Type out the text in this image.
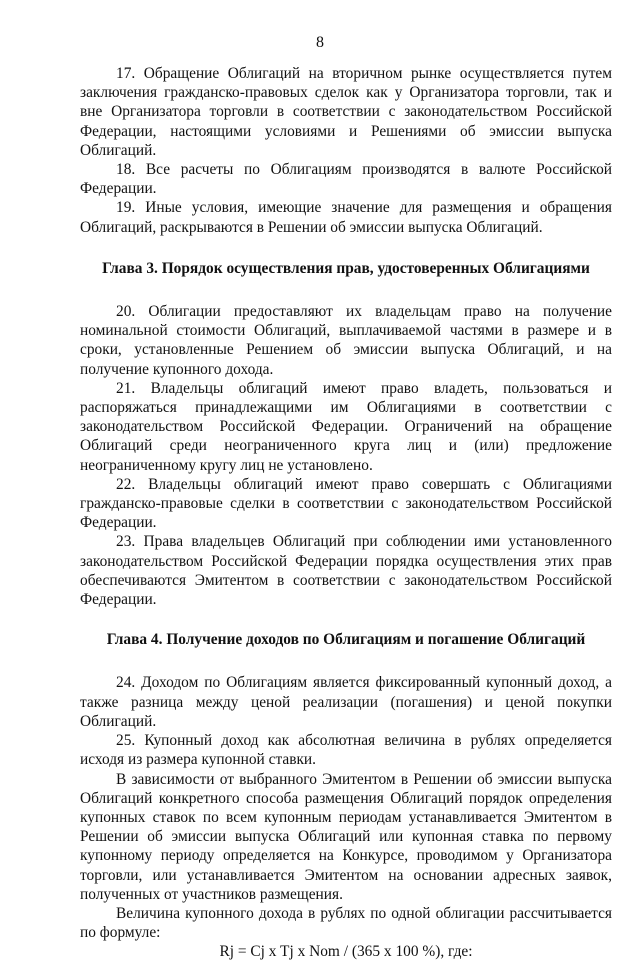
8

17. Обращение Облигаций на вторичном рынке осуществляется путем заключения гражданско-правовых сделок как у Организатора торговли, так и вне Организатора торговли в соответствии с законодательством Российской Федерации, настоящими условиями и Решениями об эмиссии выпуска Облигаций.

18. Все расчеты по Облигациям производятся в валюте Российской Федерации.

19. Иные условия, имеющие значение для размещения и обращения Облигаций, раскрываются в Решении об эмиссии выпуска Облигаций.

Глава 3. Порядок осуществления прав, удостоверенных Облигациями

20. Облигации предоставляют их владельцам право на получение номинальной стоимости Облигаций, выплачиваемой частями в размере и в сроки, установленные Решением об эмиссии выпуска Облигаций, и на получение купонного дохода.

21. Владельцы облигаций имеют право владеть, пользоваться и распоряжаться принадлежащими им Облигациями в соответствии с законодательством Российской Федерации. Ограничений на обращение Облигаций среди неограниченного круга лиц и (или) предложение неограниченному кругу лиц не установлено.

22. Владельцы облигаций имеют право совершать с Облигациями гражданско-правовые сделки в соответствии с законодательством Российской Федерации.

23. Права владельцев Облигаций при соблюдении ими установленного законодательством Российской Федерации порядка осуществления этих прав обеспечиваются Эмитентом в соответствии с законодательством Российской Федерации.

Глава 4. Получение доходов по Облигациям и погашение Облигаций

24. Доходом по Облигациям является фиксированный купонный доход, а также разница между ценой реализации (погашения) и ценой покупки Облигаций.

25. Купонный доход как абсолютная величина в рублях определяется исходя из размера купонной ставки.

В зависимости от выбранного Эмитентом в Решении об эмиссии выпуска Облигаций конкретного способа размещения Облигаций порядок определения купонных ставок по всем купонным периодам устанавливается Эмитентом в Решении об эмиссии выпуска Облигаций или купонная ставка по первому купонному периоду определяется на Конкурсе, проводимом у Организатора торговли, или устанавливается Эмитентом на основании адресных заявок, полученных от участников размещения.

Величина купонного дохода в рублях по одной облигации рассчитывается по формуле:

Rj = Cj x Tj x Nom / (365 x 100 %), где:
